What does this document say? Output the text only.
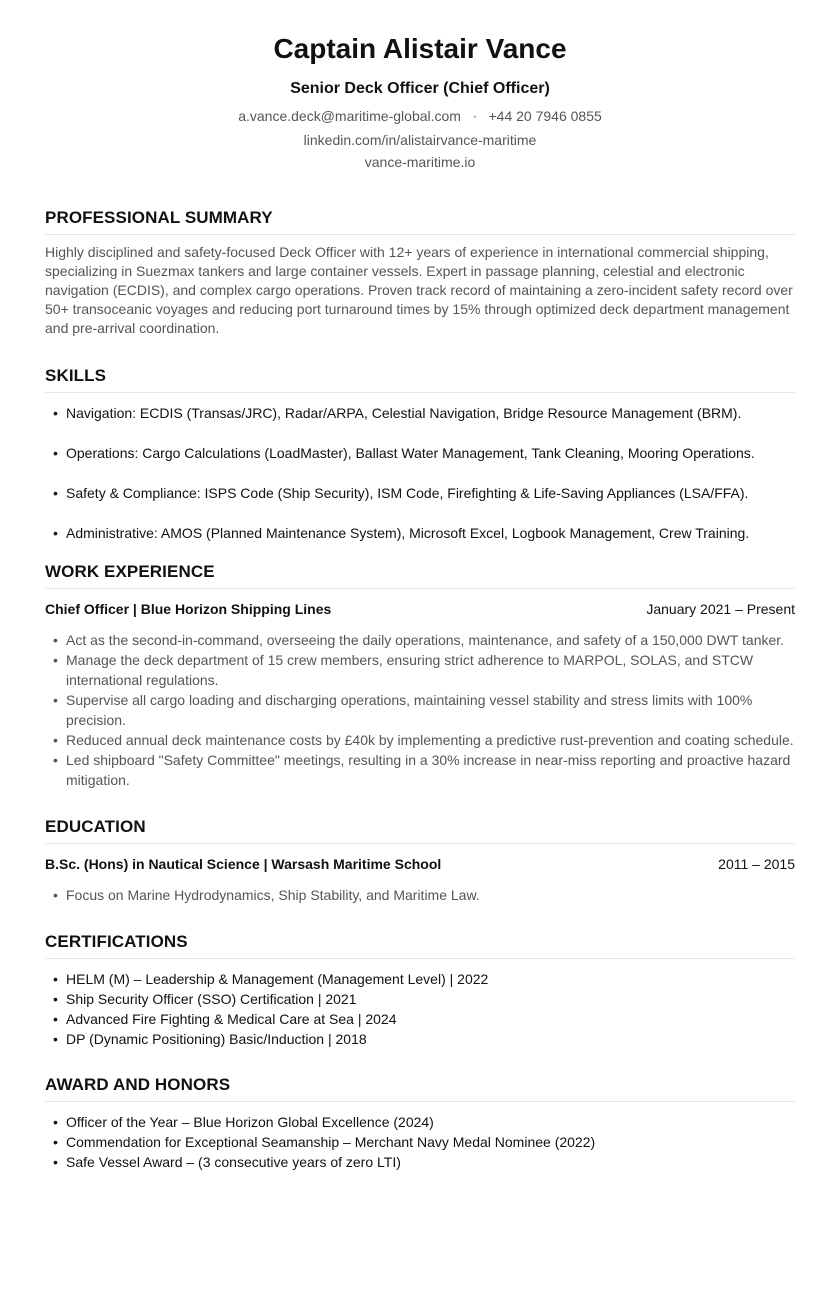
Captain Alistair Vance
Senior Deck Officer (Chief Officer)
a.vance.deck@maritime-global.com • +44 20 7946 0855
linkedin.com/in/alistairvance-maritime
vance-maritime.io
PROFESSIONAL SUMMARY

Highly disciplined and safety-focused Deck Officer with 12+ years of experience in international commercial shipping, specializing in Suezmax tankers and large container vessels. Expert in passage planning, celestial and electronic navigation (ECDIS), and complex cargo operations. Proven track record of maintaining a zero-incident safety record over 50+ transoceanic voyages and reducing port turnaround times by 15% through optimized deck department management and pre-arrival coordination.

SKILLS
• Navigation: ECDIS (Transas/JRC), Radar/ARPA, Celestial Navigation, Bridge Resource Management (BRM).
• Operations: Cargo Calculations (LoadMaster), Ballast Water Management, Tank Cleaning, Mooring Operations.
• Safety & Compliance: ISPS Code (Ship Security), ISM Code, Firefighting & Life-Saving Appliances (LSA/FFA).
• Administrative: AMOS (Planned Maintenance System), Microsoft Excel, Logbook Management, Crew Training.
WORK EXPERIENCE
Chief Officer | Blue Horizon Shipping Lines	January 2021 – Present
• Act as the second-in-command, overseeing the daily operations, maintenance, and safety of a 150,000 DWT tanker.
• Manage the deck department of 15 crew members, ensuring strict adherence to MARPOL, SOLAS, and STCW international regulations.
• Supervise all cargo loading and discharging operations, maintaining vessel stability and stress limits with 100% precision.
• Reduced annual deck maintenance costs by £40k by implementing a predictive rust-prevention and coating schedule.
• Led shipboard "Safety Committee" meetings, resulting in a 30% increase in near-miss reporting and proactive hazard mitigation.
EDUCATION
B.Sc. (Hons) in Nautical Science | Warsash Maritime School	2011 – 2015
• Focus on Marine Hydrodynamics, Ship Stability, and Maritime Law.
CERTIFICATIONS
• HELM (M) – Leadership & Management (Management Level) | 2022
• Ship Security Officer (SSO) Certification | 2021
• Advanced Fire Fighting & Medical Care at Sea | 2024
• DP (Dynamic Positioning) Basic/Induction | 2018
AWARD AND HONORS
• Officer of the Year – Blue Horizon Global Excellence (2024)
• Commendation for Exceptional Seamanship – Merchant Navy Medal Nominee (2022)
• Safe Vessel Award – (3 consecutive years of zero LTI)
